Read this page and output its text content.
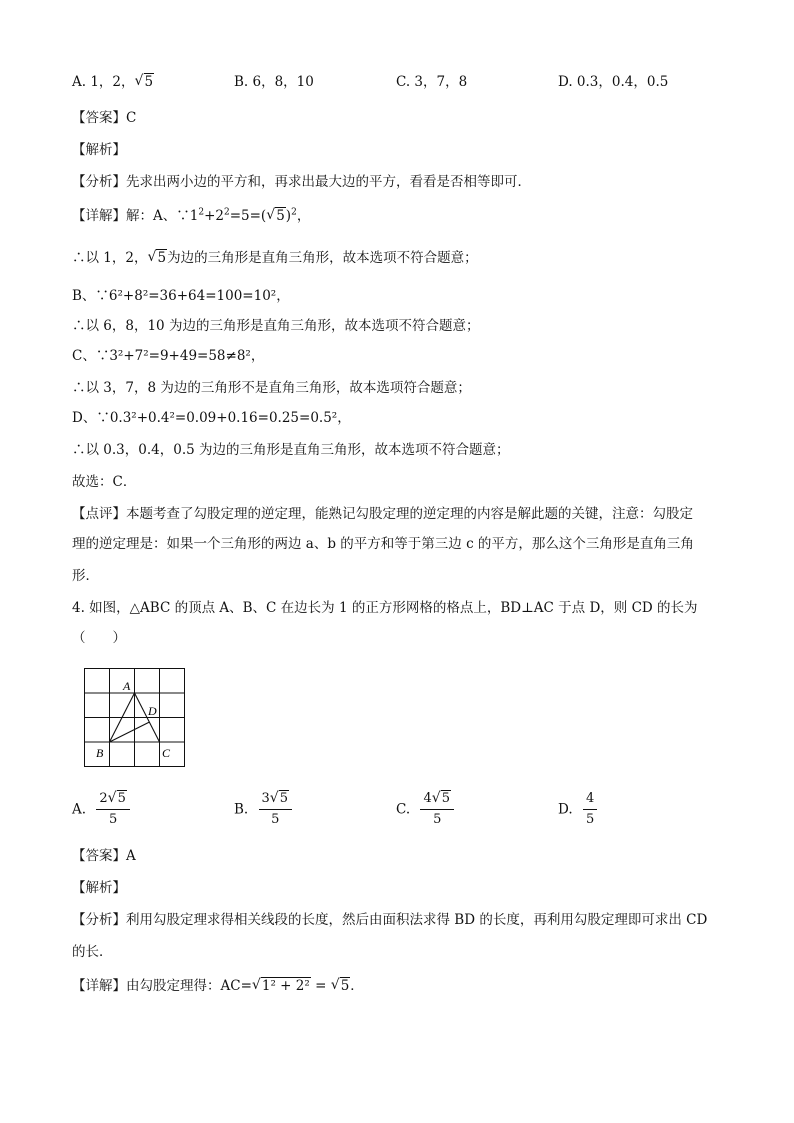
A. 1，2，√ 5	B. 6，8，10	C. 3，7，8	D. 0.3，0.4，0.5
【答案】C
【解析】
【分析】先求出两小边的平方和，再求出最大边的平方，看看是否相等即可．
【详解】解：A、$\because 1^2+2^2=5=(√$ 5)$^2$，
∴以 1，2，√ 5为边的三角形是直角三角形，故本选项不符合题意；
B、∵6²+8²=36+64=100=10²，
∴以 6，8，10 为边的三角形是直角三角形，故本选项不符合题意；
C、∵3²+7²=9+49=58≠8²，
∴以 3，7，8 为边的三角形不是直角三角形，故本选项符合题意；
D、∵0.3²+0.4²=0.09+0.16=0.25=0.5²，
∴以 0.3，0.4，0.5 为边的三角形是直角三角形，故本选项不符合题意；
故选：C．
【点评】本题考查了勾股定理的逆定理，能熟记勾股定理的逆定理的内容是解此题的关键，注意：勾股定
理的逆定理是：如果一个三角形的两边 a、b 的平方和等于第三边 c 的平方，那么这个三角形是直角三角
形．
4. 如图，△ABC 的顶点 A、B、C 在边长为 1 的正方形网格的格点上，BD⊥AC 于点 D，则 CD 的长为
（　　）
A
D
B	C
A. $\frac{2√ 5}{5}$	B. $\frac{3√ 5}{5}$	C. $\frac{4√ 5}{5}$	D. $\frac{4}{5}$
【答案】A
【解析】
【分析】利用勾股定理求得相关线段的长度，然后由面积法求得 BD 的长度，再利用勾股定理即可求出 CD
的长．
【详解】由勾股定理得：AC=√ 1² + 2² = √ 5．
